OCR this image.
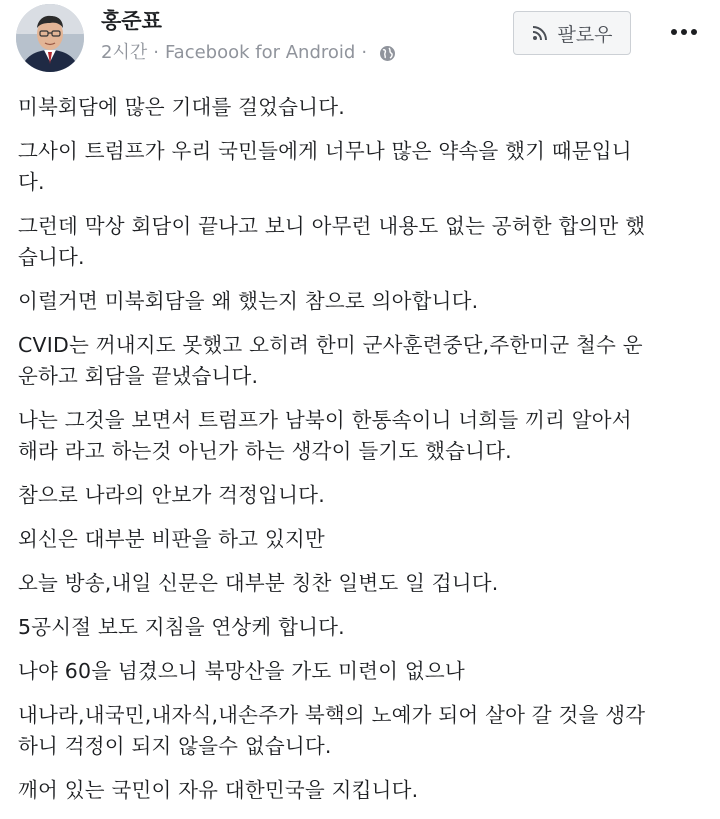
홍준표
2시간 · Facebook for Android ·
팔로우
미북회담에 많은 기대를 걸었습니다.
그사이 트럼프가 우리 국민들에게 너무나 많은 약속을 했기 때문입니
다.
그런데 막상 회담이 끝나고 보니 아무런 내용도 없는 공허한 합의만 했
습니다.
이럴거면 미북회담을 왜 했는지 참으로 의아합니다.
CVID는 꺼내지도 못했고 오히려 한미 군사훈련중단,주한미군 철수 운
운하고 회담을 끝냈습니다.
나는 그것을 보면서 트럼프가 남북이 한통속이니 너희들 끼리 알아서
해라 라고 하는것 아닌가 하는 생각이 들기도 했습니다.
참으로 나라의 안보가 걱정입니다.
외신은 대부분 비판을 하고 있지만
오늘 방송,내일 신문은 대부분 칭찬 일변도 일 겁니다.
5공시절 보도 지침을 연상케 합니다.
나야 60을 넘겼으니 북망산을 가도 미련이 없으나
내나라,내국민,내자식,내손주가 북핵의 노예가 되어 살아 갈 것을 생각
하니 걱정이 되지 않을수 없습니다.
깨어 있는 국민이 자유 대한민국을 지킵니다.
